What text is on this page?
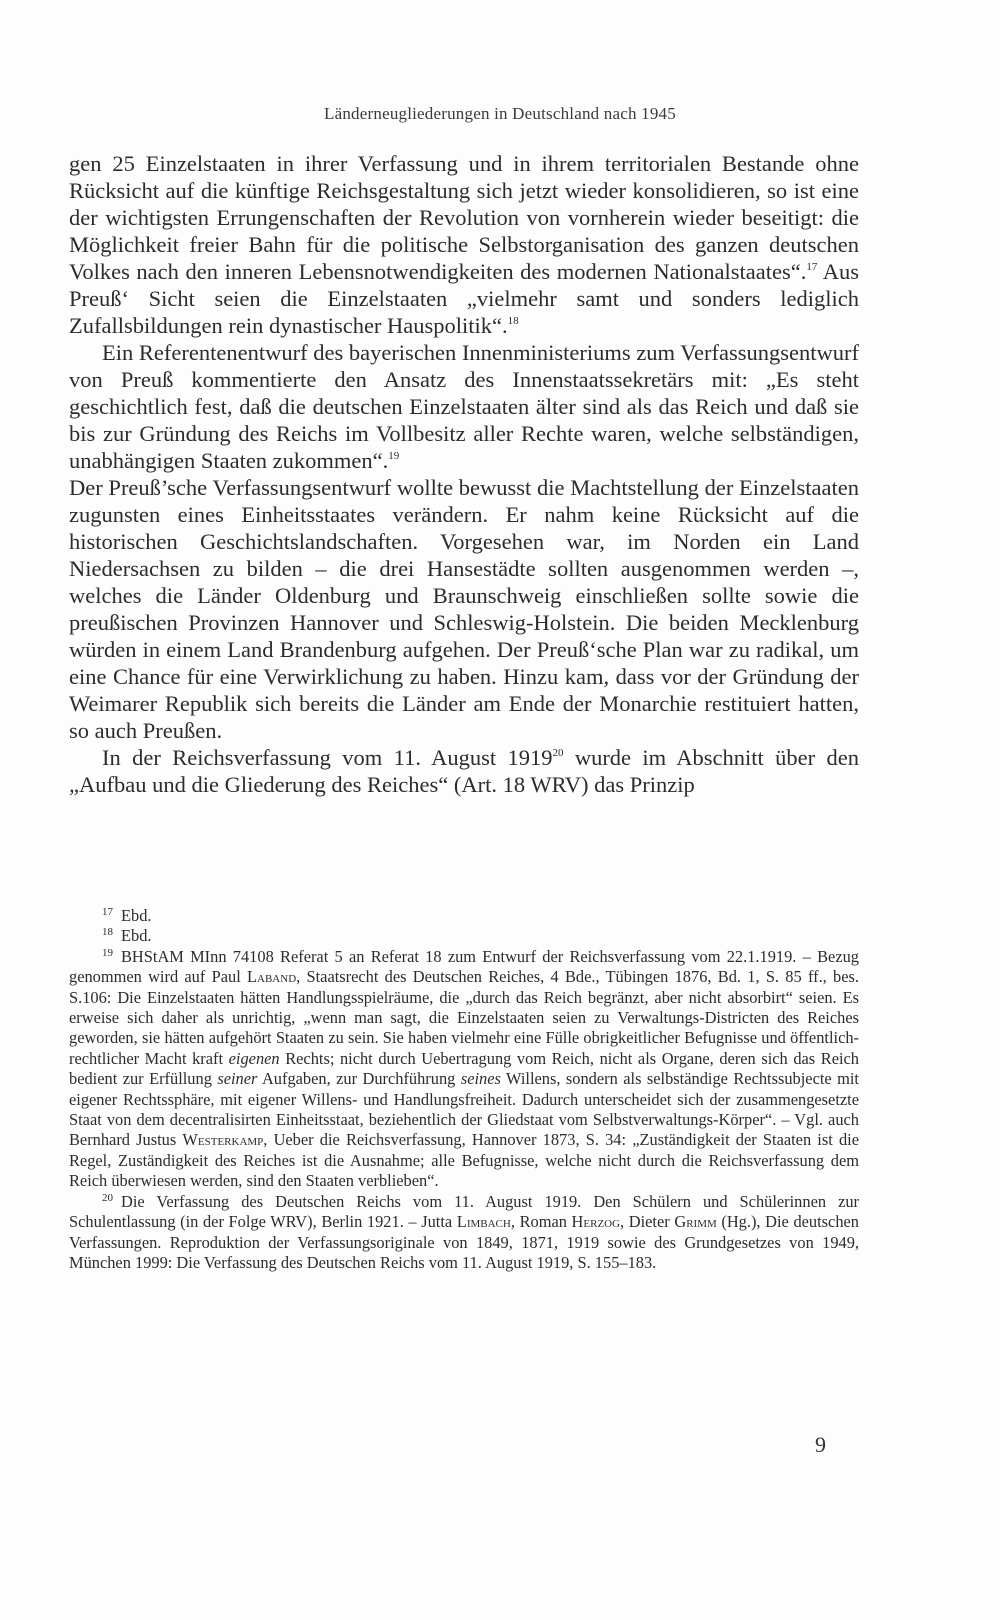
Länderneugliederungen in Deutschland nach 1945

gen 25 Einzelstaaten in ihrer Verfassung und in ihrem territorialen Bestande ohne Rücksicht auf die künftige Reichsgestaltung sich jetzt wieder konsolidieren, so ist eine der wichtigsten Errungenschaften der Revolution von vornherein wieder beseitigt: die Möglichkeit freier Bahn für die politische Selbstorganisation des ganzen deutschen Volkes nach den inneren Lebensnotwendigkeiten des modernen Nationalstaates“.$^{17}$ Aus Preuß‘ Sicht seien die Einzelstaaten „vielmehr samt und sonders lediglich Zufallsbildungen rein dynastischer Hauspolitik“.$^{18}$

Ein Referentenentwurf des bayerischen Innenministeriums zum Verfassungsentwurf von Preuß kommentierte den Ansatz des Innenstaatssekretärs mit: „Es steht geschichtlich fest, daß die deutschen Einzelstaaten älter sind als das Reich und daß sie bis zur Gründung des Reichs im Vollbesitz aller Rechte waren, welche selbständigen, unabhängigen Staaten zukommen“.$^{19}$

Der Preuß’sche Verfassungsentwurf wollte bewusst die Machtstellung der Einzelstaaten zugunsten eines Einheitsstaates verändern. Er nahm keine Rücksicht auf die historischen Geschichtslandschaften. Vorgesehen war, im Norden ein Land Niedersachsen zu bilden – die drei Hansestädte sollten ausgenommen werden –, welches die Länder Oldenburg und Braunschweig einschließen sollte sowie die preußischen Provinzen Hannover und Schleswig-Holstein. Die beiden Mecklenburg würden in einem Land Brandenburg aufgehen. Der Preuß‘sche Plan war zu radikal, um eine Chance für eine Verwirklichung zu haben. Hinzu kam, dass vor der Gründung der Weimarer Republik sich bereits die Länder am Ende der Monarchie restituiert hatten, so auch Preußen.

In der Reichsverfassung vom 11. August 1919$^{20}$ wurde im Abschnitt über den „Aufbau und die Gliederung des Reiches“ (Art. 18 WRV) das Prinzip

$^{17}$ Ebd.

$^{18}$ Ebd.

$^{19}$ BHStAM MInn 74108 Referat 5 an Referat 18 zum Entwurf der Reichsverfassung vom 22.1.1919. – Bezug genommen wird auf Paul Laband, Staatsrecht des Deutschen Reiches, 4 Bde., Tübingen 1876, Bd. 1, S. 85 ff., bes. S.106: Die Einzelstaaten hätten Handlungsspielräume, die „durch das Reich begränzt, aber nicht absorbirt“ seien. Es erweise sich daher als unrichtig, „wenn man sagt, die Einzelstaaten seien zu Verwaltungs-Districten des Reiches geworden, sie hätten aufgehört Staaten zu sein. Sie haben vielmehr eine Fülle obrigkeitlicher Befugnisse und öffentlich-rechtlicher Macht kraft eigenen Rechts; nicht durch Uebertragung vom Reich, nicht als Organe, deren sich das Reich bedient zur Erfüllung seiner Aufgaben, zur Durchführung seines Willens, sondern als selbständige Rechtssubjecte mit eigener Rechtssphäre, mit eigener Willens- und Handlungsfreiheit. Dadurch unterscheidet sich der zusammengesetzte Staat von dem decentralisirten Einheitsstaat, beziehentlich der Gliedstaat vom Selbstverwaltungs-Körper“. – Vgl. auch Bernhard Justus Westerkamp, Ueber die Reichsverfassung, Hannover 1873, S. 34: „Zuständigkeit der Staaten ist die Regel, Zuständigkeit des Reiches ist die Ausnahme; alle Befugnisse, welche nicht durch die Reichsverfassung dem Reich überwiesen werden, sind den Staaten verblieben“.

$^{20}$ Die Verfassung des Deutschen Reichs vom 11. August 1919. Den Schülern und Schülerinnen zur Schulentlassung (in der Folge WRV), Berlin 1921. – Jutta Limbach, Roman Herzog, Dieter Grimm (Hg.), Die deutschen Verfassungen. Reproduktion der Verfassungsoriginale von 1849, 1871, 1919 sowie des Grundgesetzes von 1949, München 1999: Die Verfassung des Deutschen Reichs vom 11. August 1919, S. 155–183.

9
